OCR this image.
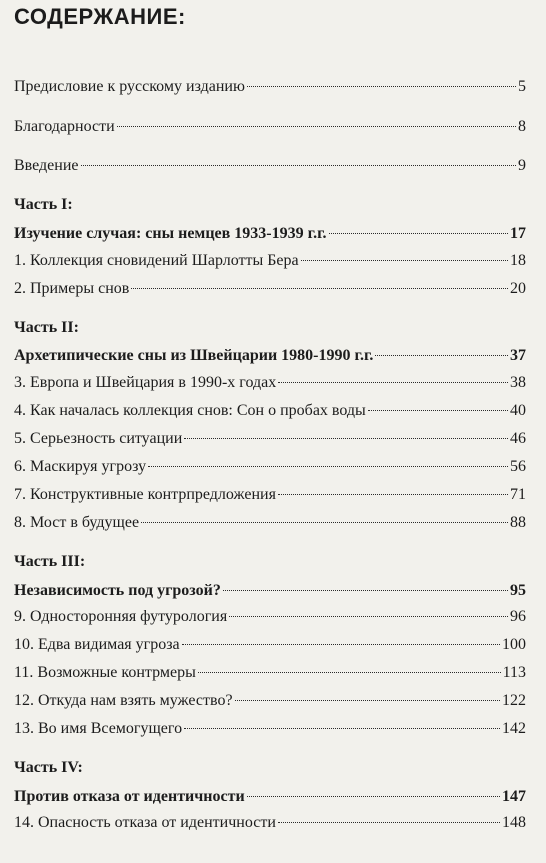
СОДЕРЖАНИЕ:
Предисловие к русскому изданию	5
Благодарности	8
Введение	9
Часть I:
Изучение случая: сны немцев 1933-1939 г.г.	17
1. Коллекция сновидений Шарлотты Бера	18
2. Примеры снов	20
Часть II:
Архетипические сны из Швейцарии 1980-1990 г.г.	37
3. Европа и Швейцария в 1990-х годах	38
4. Как началась коллекция снов: Сон о пробах воды	40
5. Серьезность ситуации	46
6. Маскируя угрозу	56
7. Конструктивные контрпредложения	71
8. Мост в будущее	88
Часть III:
Независимость под угрозой?	95
9. Односторонняя футурология	96
10. Едва видимая угроза	100
11. Возможные контрмеры	113
12. Откуда нам взять мужество?	122
13. Во имя Всемогущего	142
Часть IV:
Против отказа от идентичности	147
14. Опасность отказа от идентичности	148
